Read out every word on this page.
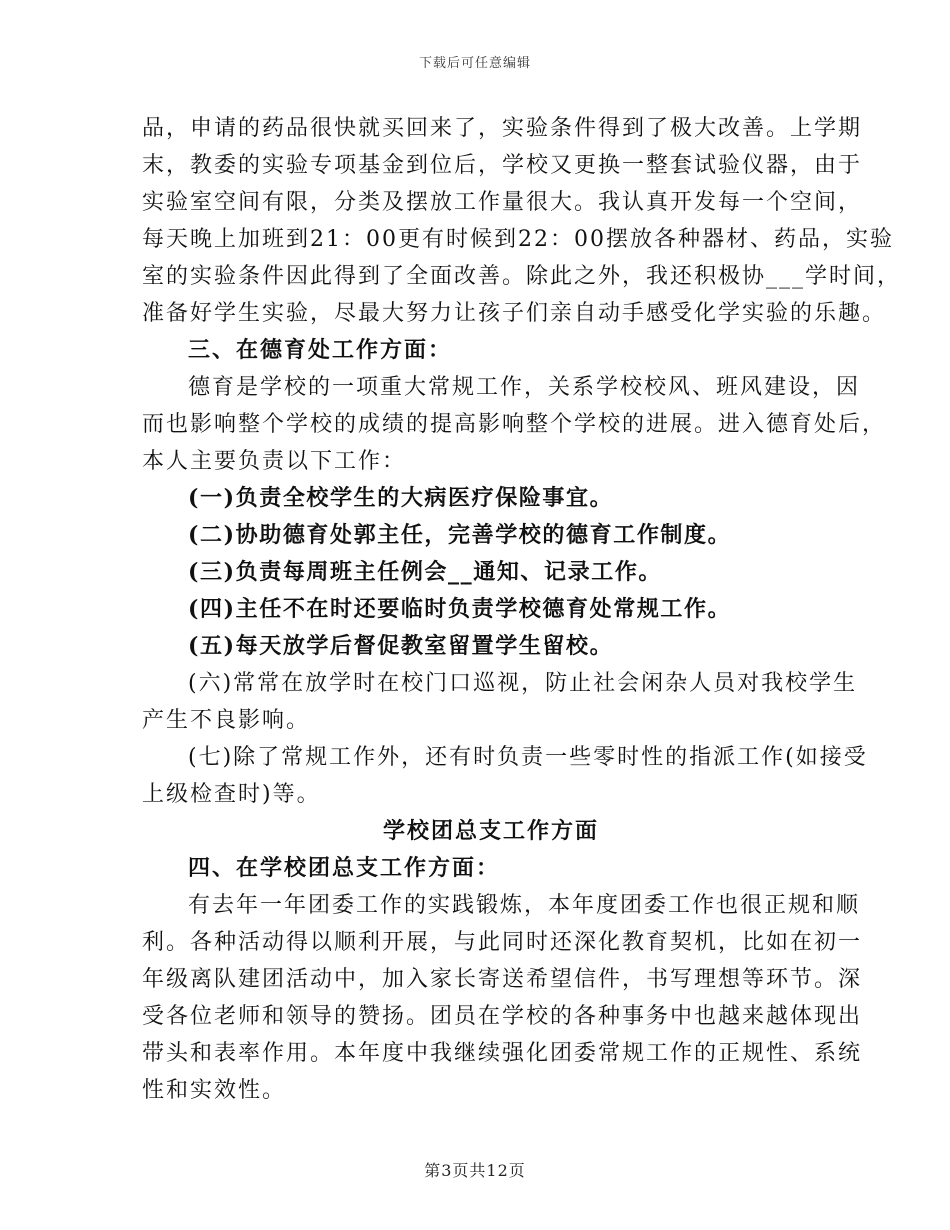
下载后可任意编辑
品，申请的药品很快就买回来了，实验条件得到了极大改善。上学期
末，教委的实验专项基金到位后，学校又更换一整套试验仪器，由于
实验室空间有限，分类及摆放工作量很大。我认真开发每一个空间，
每天晚上加班到21：00更有时候到22：00摆放各种器材、药品，实验
室的实验条件因此得到了全面改善。除此之外，我还积极协___学时间，
准备好学生实验，尽最大努力让孩子们亲自动手感受化学实验的乐趣。
三、在德育处工作方面：
德育是学校的一项重大常规工作，关系学校校风、班风建设，因
而也影响整个学校的成绩的提高影响整个学校的进展。进入德育处后，
本人主要负责以下工作：
(一)负责全校学生的大病医疗保险事宜。
(二)协助德育处郭主任，完善学校的德育工作制度。
(三)负责每周班主任例会__通知、记录工作。
(四)主任不在时还要临时负责学校德育处常规工作。
(五)每天放学后督促教室留置学生留校。
(六)常常在放学时在校门口巡视，防止社会闲杂人员对我校学生
产生不良影响。
(七)除了常规工作外，还有时负责一些零时性的指派工作(如接受
上级检查时)等。
学校团总支工作方面
四、在学校团总支工作方面：
有去年一年团委工作的实践锻炼，本年度团委工作也很正规和顺
利。各种活动得以顺利开展，与此同时还深化教育契机，比如在初一
年级离队建团活动中，加入家长寄送希望信件，书写理想等环节。深
受各位老师和领导的赞扬。团员在学校的各种事务中也越来越体现出
带头和表率作用。本年度中我继续强化团委常规工作的正规性、系统
性和实效性。
第3页共12页
